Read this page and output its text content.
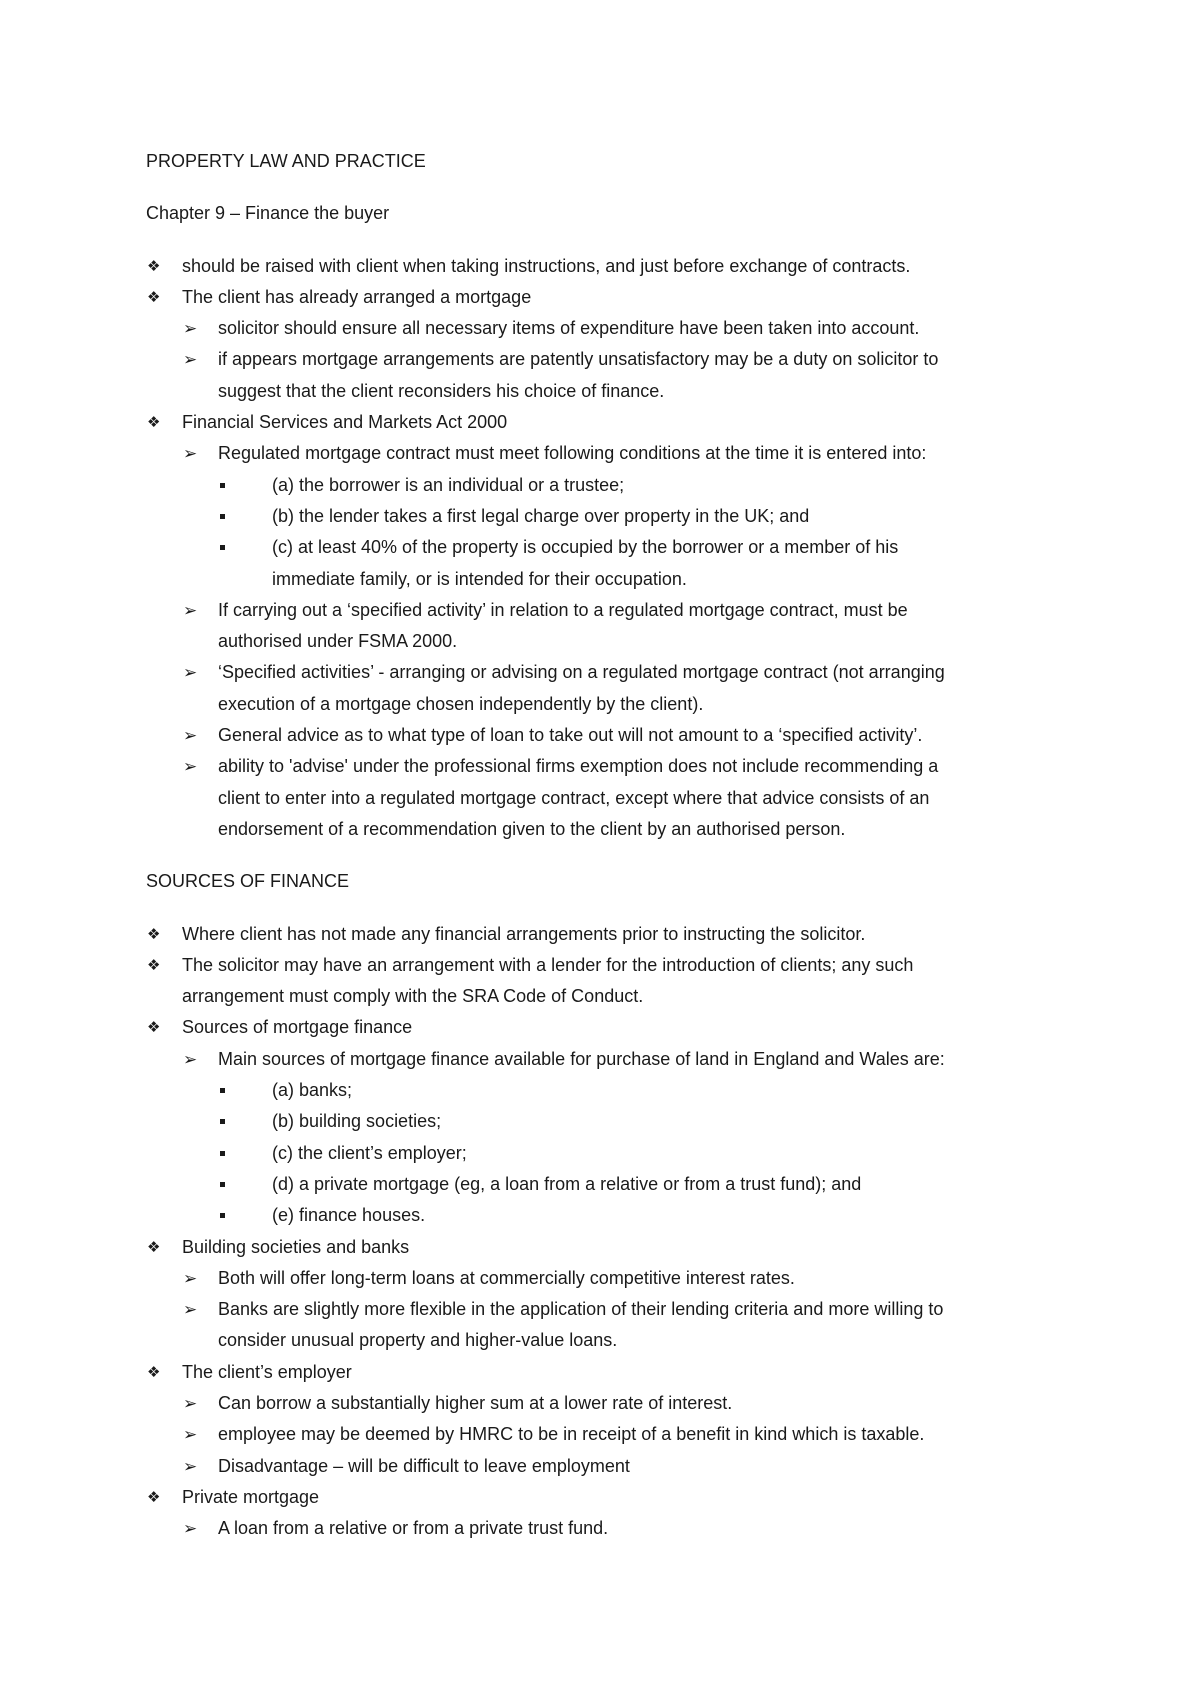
PROPERTY LAW AND PRACTICE
Chapter 9 – Finance the buyer
❖ should be raised with client when taking instructions, and just before exchange of contracts.
❖ The client has already arranged a mortgage
➢ solicitor should ensure all necessary items of expenditure have been taken into account.
➢ if appears mortgage arrangements are patently unsatisfactory may be a duty on solicitor to
suggest that the client reconsiders his choice of finance.
❖ Financial Services and Markets Act 2000
➢ Regulated mortgage contract must meet following conditions at the time it is entered into:
(a) the borrower is an individual or a trustee;
(b) the lender takes a first legal charge over property in the UK; and
(c) at least 40% of the property is occupied by the borrower or a member of his
immediate family, or is intended for their occupation.
➢ If carrying out a ‘specified activity’ in relation to a regulated mortgage contract, must be
authorised under FSMA 2000.
➢ ‘Specified activities’ - arranging or advising on a regulated mortgage contract (not arranging
execution of a mortgage chosen independently by the client).
➢ General advice as to what type of loan to take out will not amount to a ‘specified activity’.
➢ ability to 'advise' under the professional firms exemption does not include recommending a
client to enter into a regulated mortgage contract, except where that advice consists of an
endorsement of a recommendation given to the client by an authorised person.
SOURCES OF FINANCE
❖ Where client has not made any financial arrangements prior to instructing the solicitor.
❖ The solicitor may have an arrangement with a lender for the introduction of clients; any such
arrangement must comply with the SRA Code of Conduct.
❖ Sources of mortgage finance
➢ Main sources of mortgage finance available for purchase of land in England and Wales are:
(a) banks;
(b) building societies;
(c) the client’s employer;
(d) a private mortgage (eg, a loan from a relative or from a trust fund); and
(e) finance houses.
❖ Building societies and banks
➢ Both will offer long-term loans at commercially competitive interest rates.
➢ Banks are slightly more flexible in the application of their lending criteria and more willing to
consider unusual property and higher-value loans.
❖ The client’s employer
➢ Can borrow a substantially higher sum at a lower rate of interest.
➢ employee may be deemed by HMRC to be in receipt of a benefit in kind which is taxable.
➢ Disadvantage – will be difficult to leave employment
❖ Private mortgage
➢ A loan from a relative or from a private trust fund.
